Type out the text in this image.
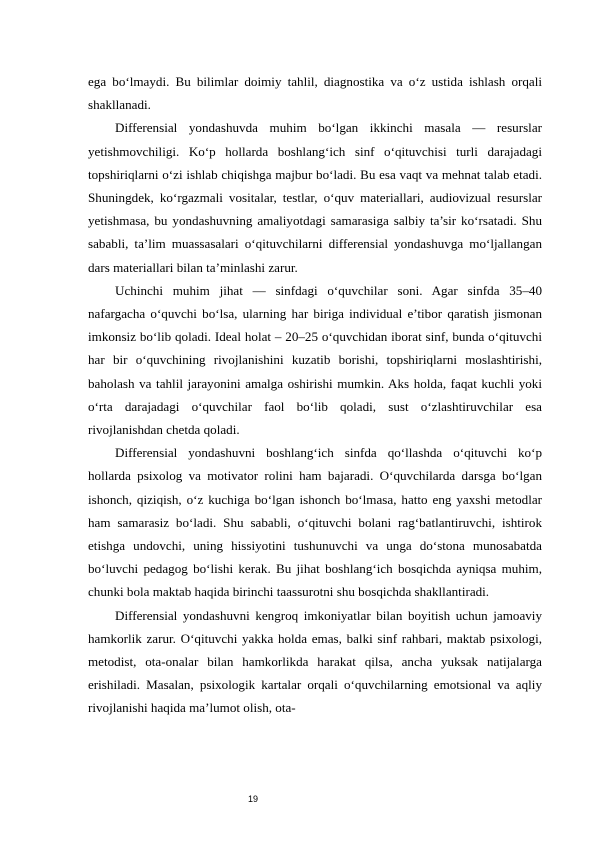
ega bo‘lmaydi. Bu bilimlar doimiy tahlil, diagnostika va o‘z ustida ishlash orqali shakllanadi.

Differensial yondashuvda muhim bo‘lgan ikkinchi masala — resurslar yetishmovchiligi. Ko‘p hollarda boshlang‘ich sinf o‘qituvchisi turli darajadagi topshiriqlarni o‘zi ishlab chiqishga majbur bo‘ladi. Bu esa vaqt va mehnat talab etadi. Shuningdek, ko‘rgazmali vositalar, testlar, o‘quv materiallari, audiovizual resurslar yetishmasa, bu yondashuvning amaliyotdagi samarasiga salbiy ta’sir ko‘rsatadi. Shu sababli, ta’lim muassasalari o‘qituvchilarni differensial yondashuvga mo‘ljallangan dars materiallari bilan ta’minlashi zarur.

Uchinchi muhim jihat — sinfdagi o‘quvchilar soni. Agar sinfda 35–40 nafargacha o‘quvchi bo‘lsa, ularning har biriga individual e’tibor qaratish jismonan imkonsiz bo‘lib qoladi. Ideal holat – 20–25 o‘quvchidan iborat sinf, bunda o‘qituvchi har bir o‘quvchining rivojlanishini kuzatib borishi, topshiriqlarni moslashtirishi, baholash va tahlil jarayonini amalga oshirishi mumkin. Aks holda, faqat kuchli yoki o‘rta darajadagi o‘quvchilar faol bo‘lib qoladi, sust o‘zlashtiruvchilar esa rivojlanishdan chetda qoladi.

Differensial yondashuvni boshlang‘ich sinfda qo‘llashda o‘qituvchi ko‘p hollarda psixolog va motivator rolini ham bajaradi. O‘quvchilarda darsga bo‘lgan ishonch, qiziqish, o‘z kuchiga bo‘lgan ishonch bo‘lmasa, hatto eng yaxshi metodlar ham samarasiz bo‘ladi. Shu sababli, o‘qituvchi bolani rag‘batlantiruvchi, ishtirok etishga undovchi, uning hissiyotini tushunuvchi va unga do‘stona munosabatda bo‘luvchi pedagog bo‘lishi kerak. Bu jihat boshlang‘ich bosqichda ayniqsa muhim, chunki bola maktab haqida birinchi taassurotni shu bosqichda shakllantiradi.

Differensial yondashuvni kengroq imkoniyatlar bilan boyitish uchun jamoaviy hamkorlik zarur. O‘qituvchi yakka holda emas, balki sinf rahbari, maktab psixologi, metodist, ota-onalar bilan hamkorlikda harakat qilsa, ancha yuksak natijalarga erishiladi. Masalan, psixologik kartalar orqali o‘quvchilarning emotsional va aqliy rivojlanishi haqida ma’lumot olish, ota-

19
